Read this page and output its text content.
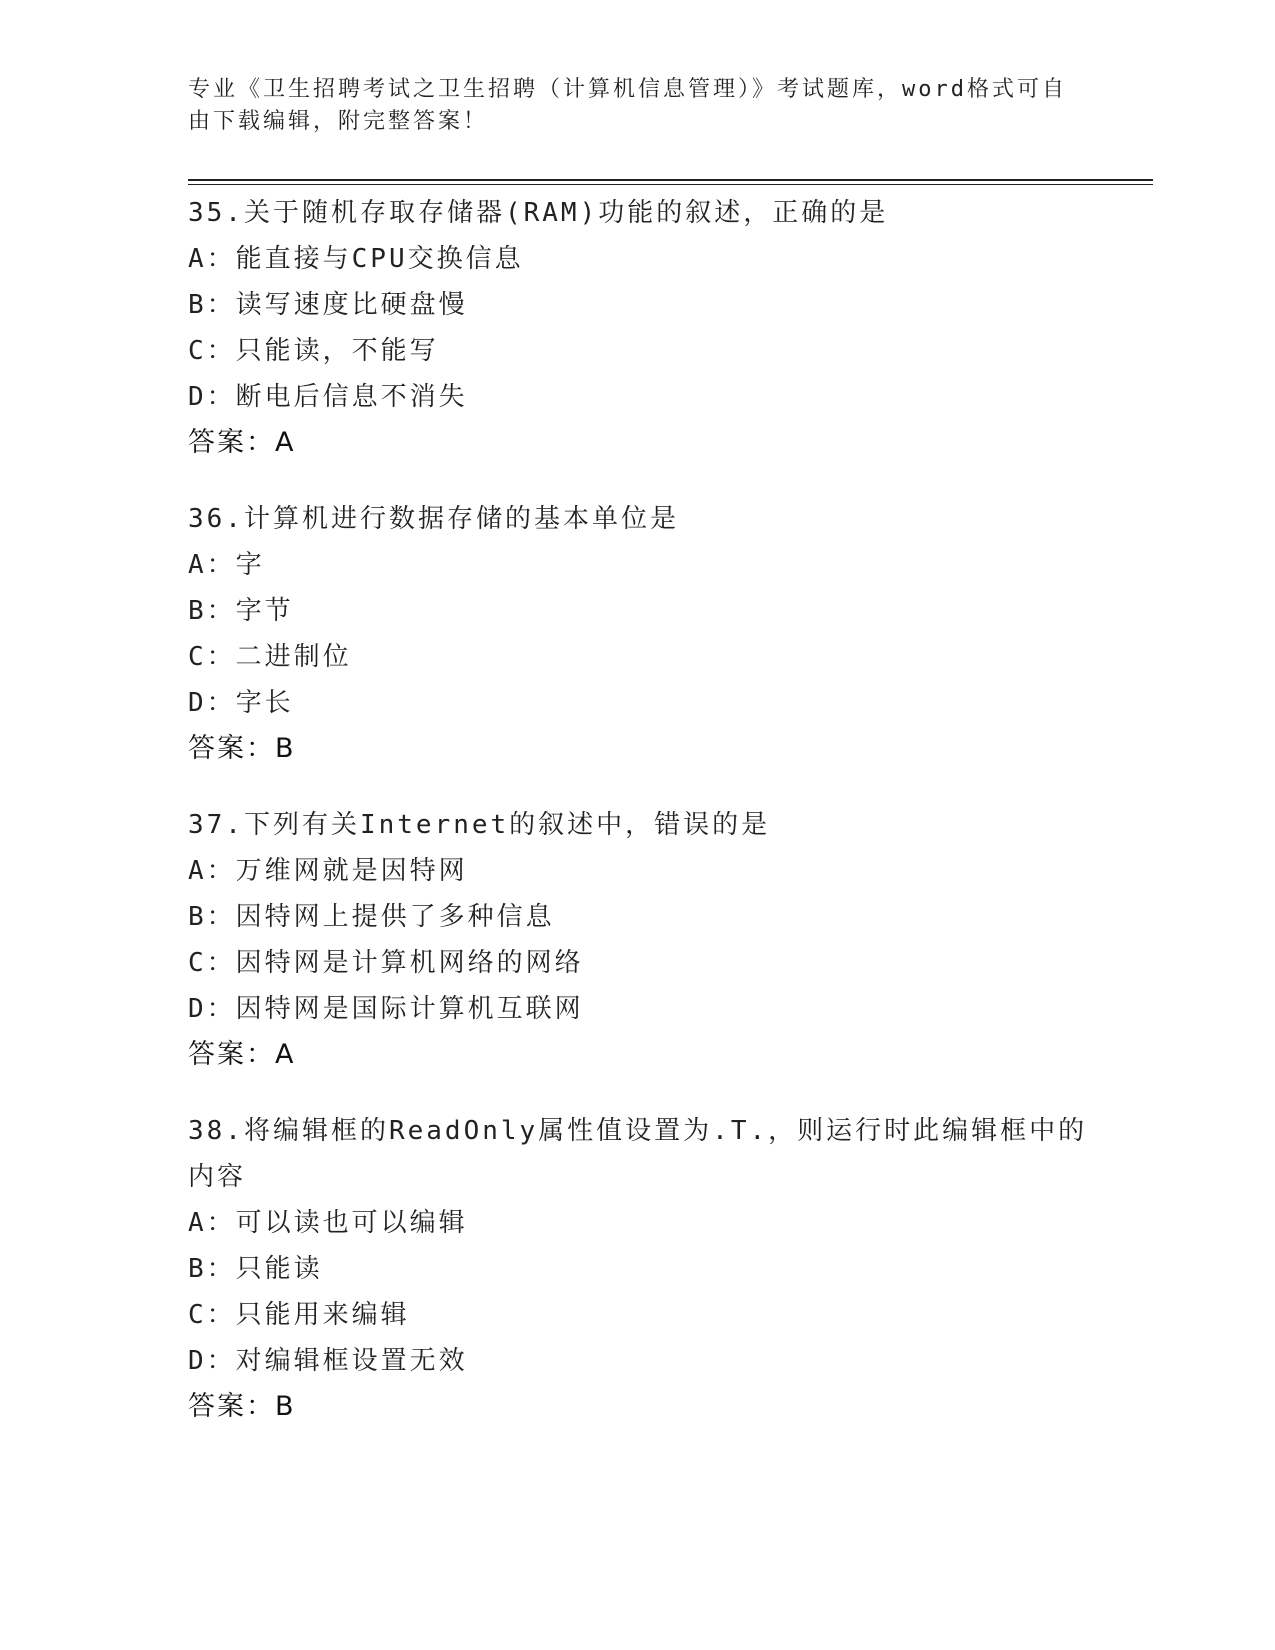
专业《卫生招聘考试之卫生招聘（计算机信息管理）》考试题库，word格式可自由下载编辑，附完整答案！
35.关于随机存取存储器(RAM)功能的叙述，正确的是
A：能直接与CPU交换信息
B：读写速度比硬盘慢
C：只能读，不能写
D：断电后信息不消失
答案：A
36.计算机进行数据存储的基本单位是
A：字
B：字节
C：二进制位
D：字长
答案：B
37.下列有关Internet的叙述中，错误的是
A：万维网就是因特网
B：因特网上提供了多种信息
C：因特网是计算机网络的网络
D：因特网是国际计算机互联网
答案：A
38.将编辑框的ReadOnly属性值设置为.T.，则运行时此编辑框中的内容
A：可以读也可以编辑
B：只能读
C：只能用来编辑
D：对编辑框设置无效
答案：B
